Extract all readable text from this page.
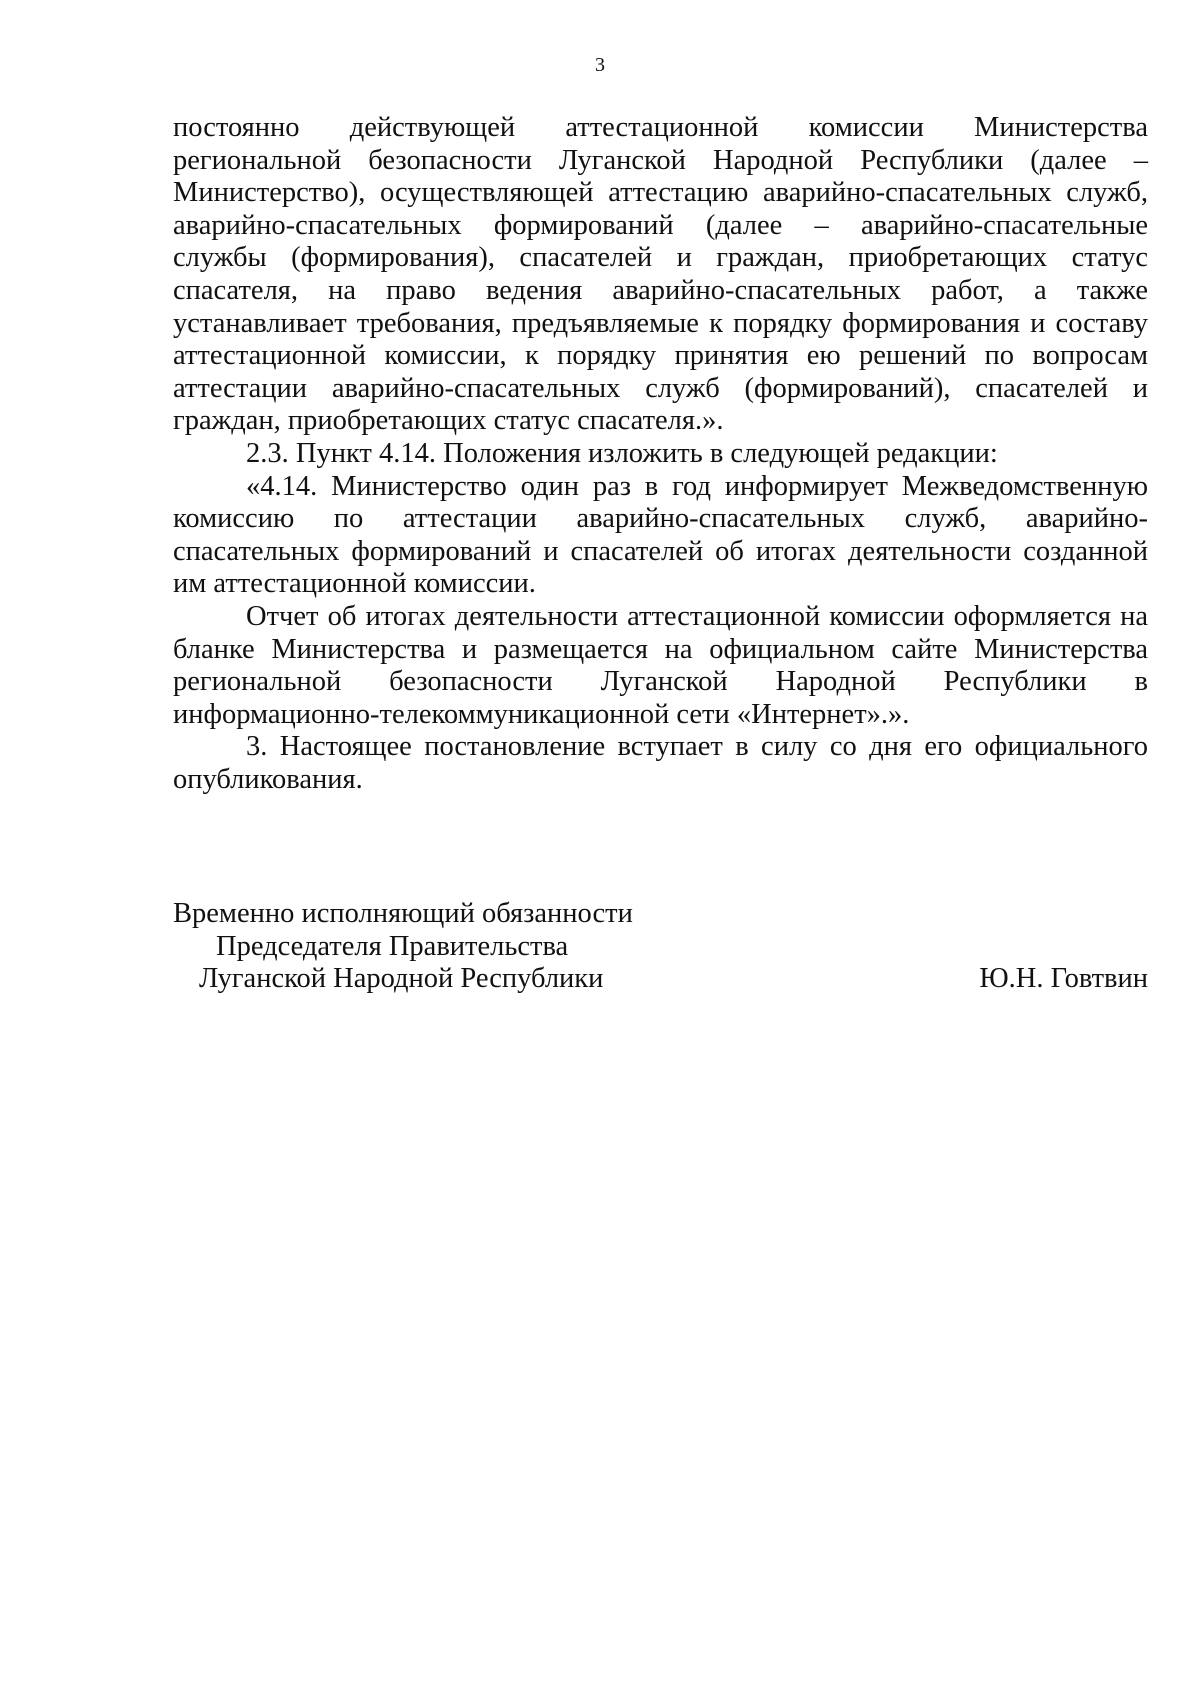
3

постоянно действующей аттестационной комиссии Министерства региональной безопасности Луганской Народной Республики (далее – Министерство), осуществляющей аттестацию аварийно-спасательных служб, аварийно-спасательных формирований (далее – аварийно-спасательные службы (формирования), спасателей и граждан, приобретающих статус спасателя, на право ведения аварийно-спасательных работ, а также устанавливает требования, предъявляемые к порядку формирования и составу аттестационной комиссии, к порядку принятия ею решений по вопросам аттестации аварийно-спасательных служб (формирований), спасателей и граждан, приобретающих статус спасателя.».

2.3. Пункт 4.14. Положения изложить в следующей редакции:

«4.14. Министерство один раз в год информирует Межведомственную комиссию по аттестации аварийно-спасательных служб, аварийно-спасательных формирований и спасателей об итогах деятельности созданной им аттестационной комиссии.

Отчет об итогах деятельности аттестационной комиссии оформляется на бланке Министерства и размещается на официальном сайте Министерства региональной безопасности Луганской Народной Республики в информационно-телекоммуникационной сети «Интернет».».

3. Настоящее постановление вступает в силу со дня его официального опубликования.

Временно исполняющий обязанности
Председателя Правительства
Луганской Народной Республики	Ю.Н. Говтвин
